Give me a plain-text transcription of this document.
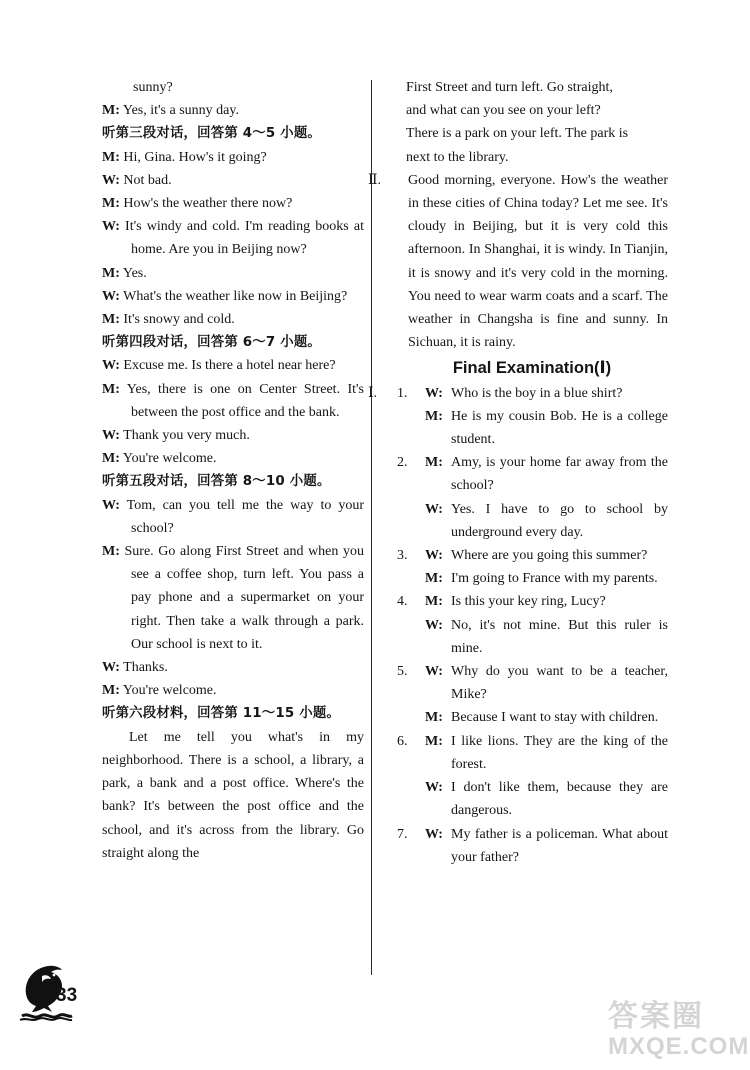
sunny?
M: Yes, it's a sunny day.
听第三段对话，回答第 4～5 小题。
M: Hi, Gina. How's it going?
W: Not bad.
M: How's the weather there now?
W: It's windy and cold. I'm reading books at home. Are you in Beijing now?
M: Yes.
W: What's the weather like now in Beijing?
M: It's snowy and cold.
听第四段对话，回答第 6～7 小题。
W: Excuse me. Is there a hotel near here?
M: Yes, there is one on Center Street. It's between the post office and the bank.
W: Thank you very much.
M: You're welcome.
听第五段对话，回答第 8～10 小题。
W: Tom, can you tell me the way to your school?
M: Sure. Go along First Street and when you see a coffee shop, turn left. You pass a pay phone and a supermarket on your right. Then take a walk through a park. Our school is next to it.
W: Thanks.
M: You're welcome.
听第六段材料，回答第 11～15 小题。
Let me tell you what's in my neighborhood. There is a school, a library, a park, a bank and a post office. Where's the bank? It's between the post office and the school, and it's across from the library. Go straight along the
First Street and turn left. Go straight,
and what can you see on your left?
There is a park on your left. The park is
next to the library.
Ⅱ. Good morning, everyone. How's the weather in these cities of China today? Let me see. It's cloudy in Beijing, but it is very cold this afternoon. In Shanghai, it is windy. In Tianjin, it is snowy and it's very cold in the morning. You need to wear warm coats and a scarf. The weather in Changsha is fine and sunny. In Sichuan, it is rainy.
Final Examination(Ⅰ)
Ⅰ. 1. W: Who is the boy in a blue shirt?
M: He is my cousin Bob. He is a college student.
2. M: Amy, is your home far away from the school?
W: Yes. I have to go to school by underground every day.
3. W: Where are you going this summer?
M: I'm going to France with my parents.
4. M: Is this your key ring, Lucy?
W: No, it's not mine. But this ruler is mine.
5. W: Why do you want to be a teacher, Mike?
M: Because I want to stay with children.
6. M: I like lions. They are the king of the forest.
W: I don't like them, because they are dangerous.
7. W: My father is a policeman. What about your father?
33
答案圈
MXQE.COM
